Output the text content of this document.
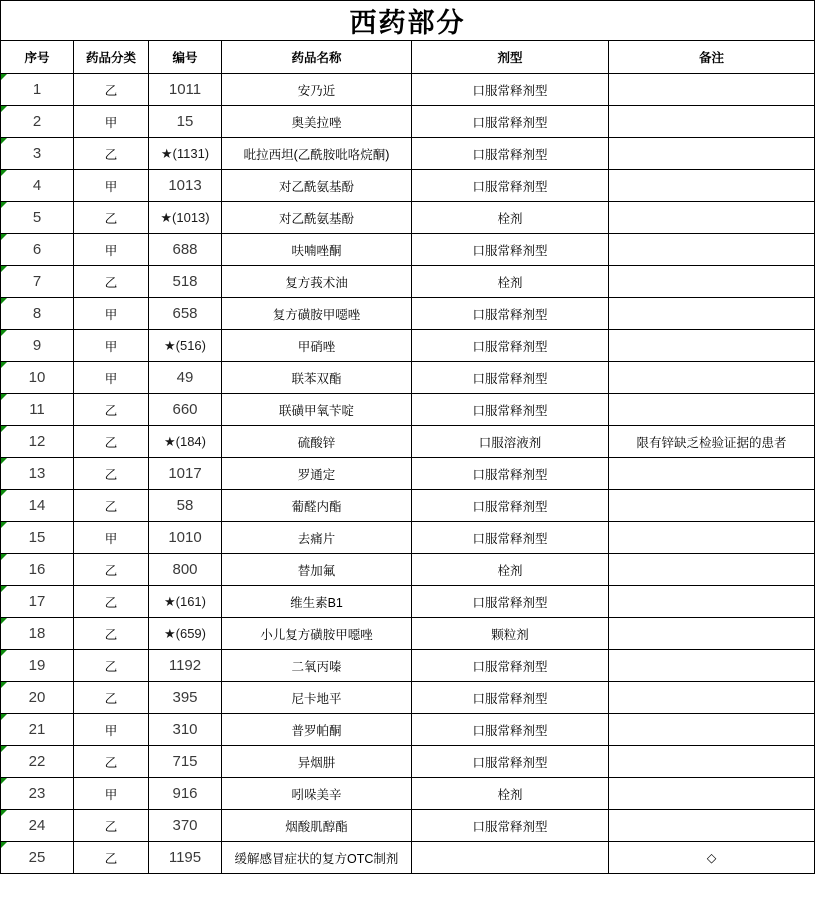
西药部分					
序号	药品分类	编号	药品名称	剂型	备注

1	乙	1011	安乃近	口服常释剂型	

2	甲	15	奥美拉唑	口服常释剂型	

3	乙	★(1131)	吡拉西坦(乙酰胺吡咯烷酮)	口服常释剂型	

4	甲	1013	对乙酰氨基酚	口服常释剂型	

5	乙	★(1013)	对乙酰氨基酚	栓剂	

6	甲	688	呋喃唑酮	口服常释剂型	

7	乙	518	复方莪术油	栓剂	

8	甲	658	复方磺胺甲噁唑	口服常释剂型	

9	甲	★(516)	甲硝唑	口服常释剂型	

10	甲	49	联苯双酯	口服常释剂型	

11	乙	660	联磺甲氧苄啶	口服常释剂型	

12	乙	★(184)	硫酸锌	口服溶液剂	限有锌缺乏检验证据的患者

13	乙	1017	罗通定	口服常释剂型	

14	乙	58	葡醛内酯	口服常释剂型	

15	甲	1010	去痛片	口服常释剂型	

16	乙	800	替加氟	栓剂	

17	乙	★(161)	维生素B1	口服常释剂型	

18	乙	★(659)	小儿复方磺胺甲噁唑	颗粒剂	

19	乙	1192	二氧丙嗪	口服常释剂型	

20	乙	395	尼卡地平	口服常释剂型	

21	甲	310	普罗帕酮	口服常释剂型	

22	乙	715	异烟肼	口服常释剂型	

23	甲	916	吲哚美辛	栓剂	

24	乙	370	烟酸肌醇酯	口服常释剂型	

25	乙	1195	缓解感冒症状的复方OTC制剂		◇
